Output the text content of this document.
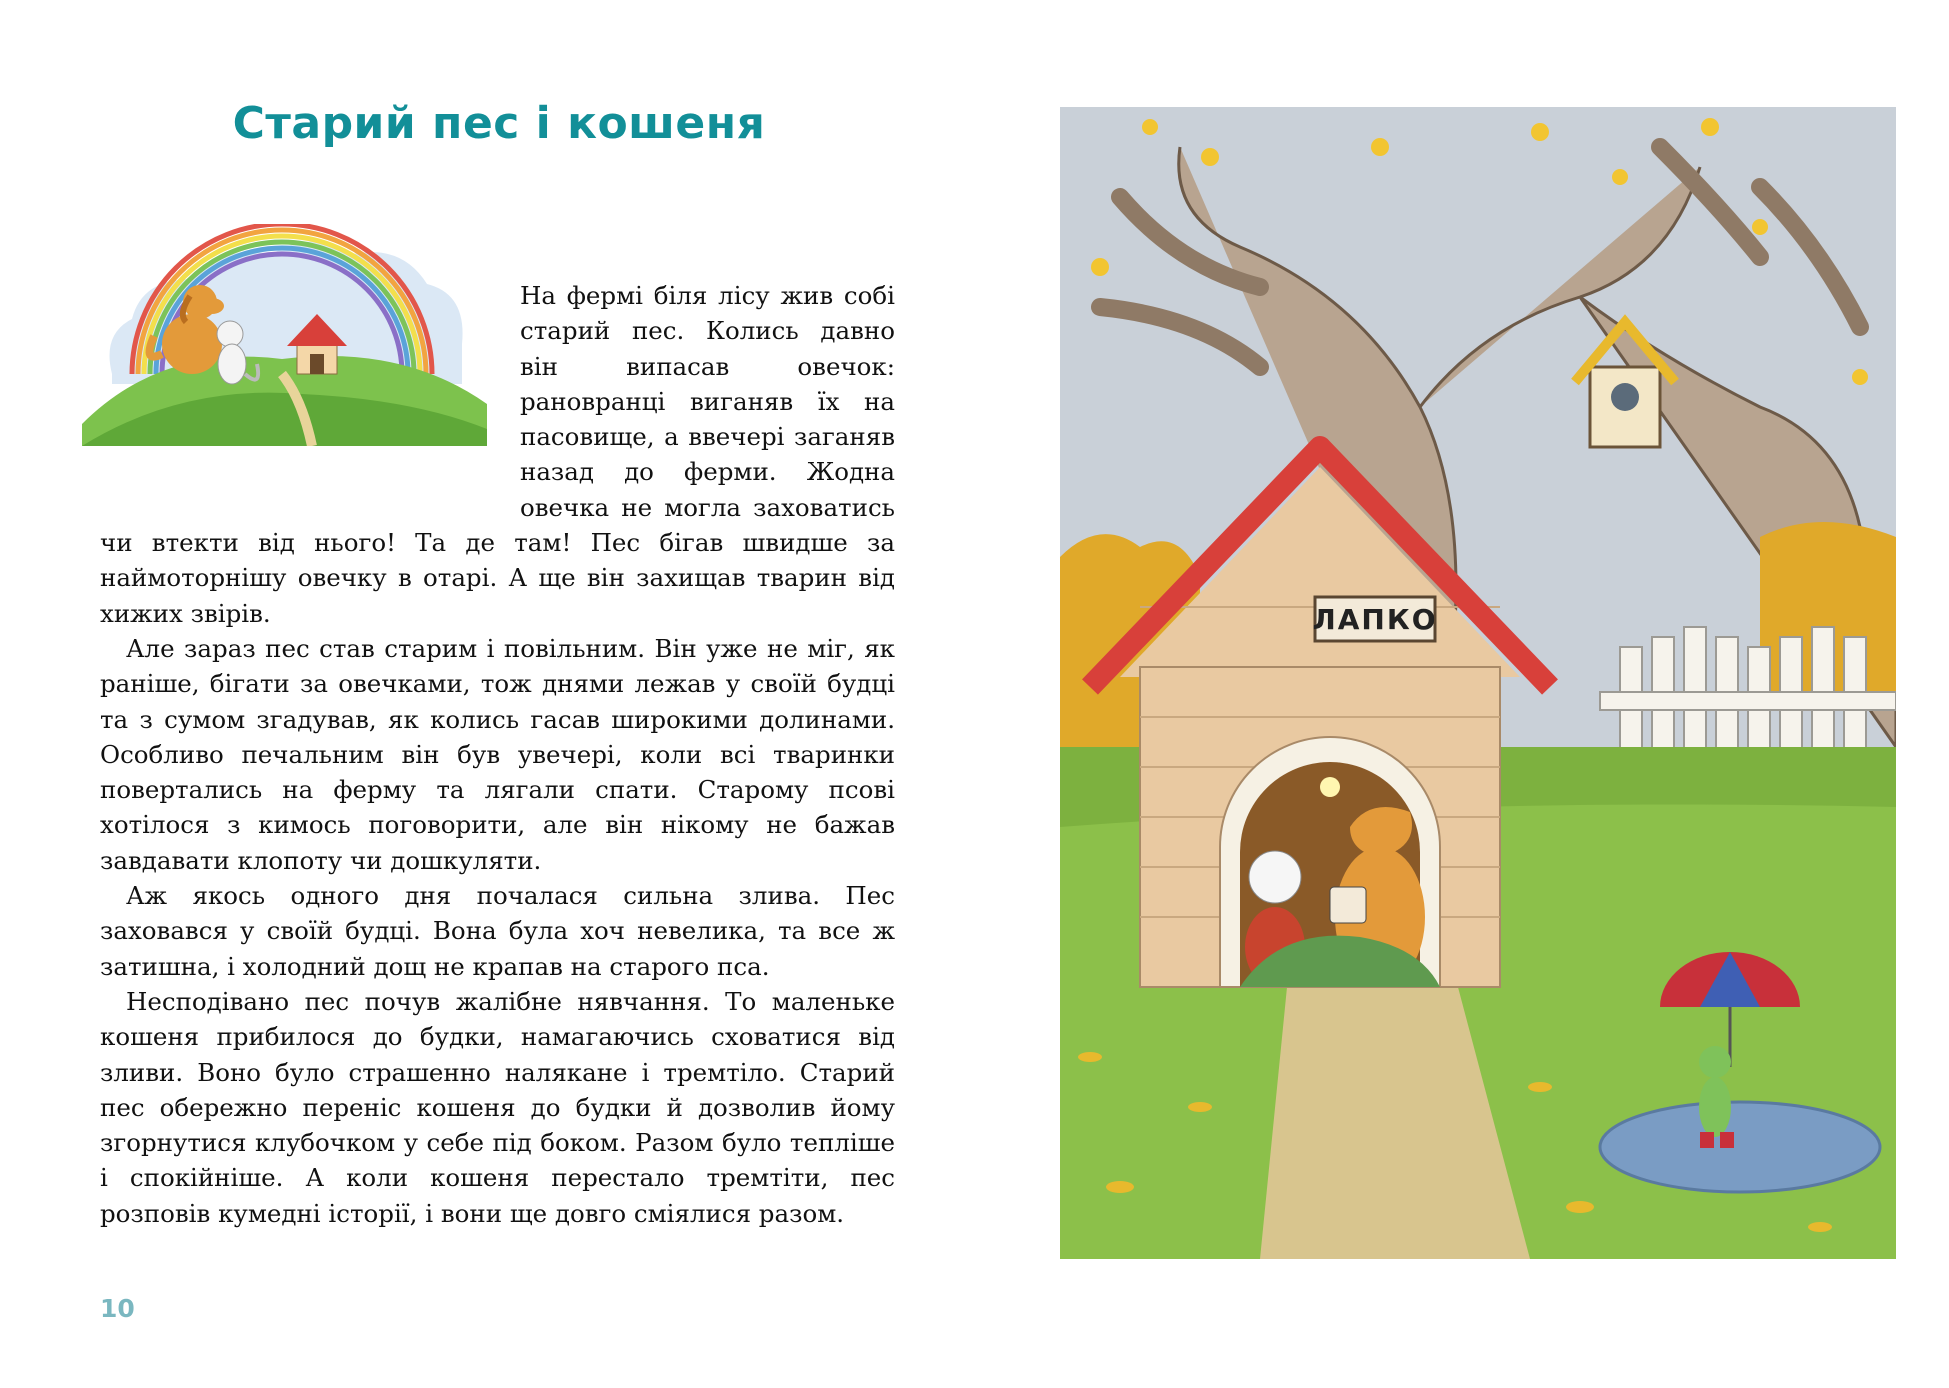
Старий пес і кошеня

На фермі біля лісу жив собі старий пес. Колись давно він випасав овечок: рановранці виганяв їх на пасовище, а ввечері заганяв назад до ферми. Жодна овечка не могла заховатись чи втекти від нього! Та де там! Пес бігав швидше за наймоторнішу овечку в отарі. А ще він захищав тварин від хижих звірів.

Але зараз пес став старим і повільним. Він уже не міг, як раніше, бігати за овечками, тож днями лежав у своїй будці та з сумом згадував, як колись гасав широкими долинами. Особливо печальним він був увечері, коли всі тваринки повертались на ферму та лягали спати. Старому псові хотілося з кимось поговорити, але він нікому не бажав завдавати клопоту чи дошкуляти.

Аж якось одного дня почалася сильна злива. Пес заховався у своїй будці. Вона була хоч невелика, та все ж затишна, і холодний дощ не крапав на старого пса.

Несподівано пес почув жалібне нявчання. То маленьке кошеня прибилося до будки, намагаючись сховатися від зливи. Воно було страшенно налякане і тремтіло. Старий пес обережно переніс кошеня до будки й дозволив йому згорнутися клубочком у себе під боком. Разом було тепліше і спокійніше. А коли кошеня перестало тремтіти, пес розповів кумедні історії, і вони ще довго сміялися разом.

10
ЛАПКО
